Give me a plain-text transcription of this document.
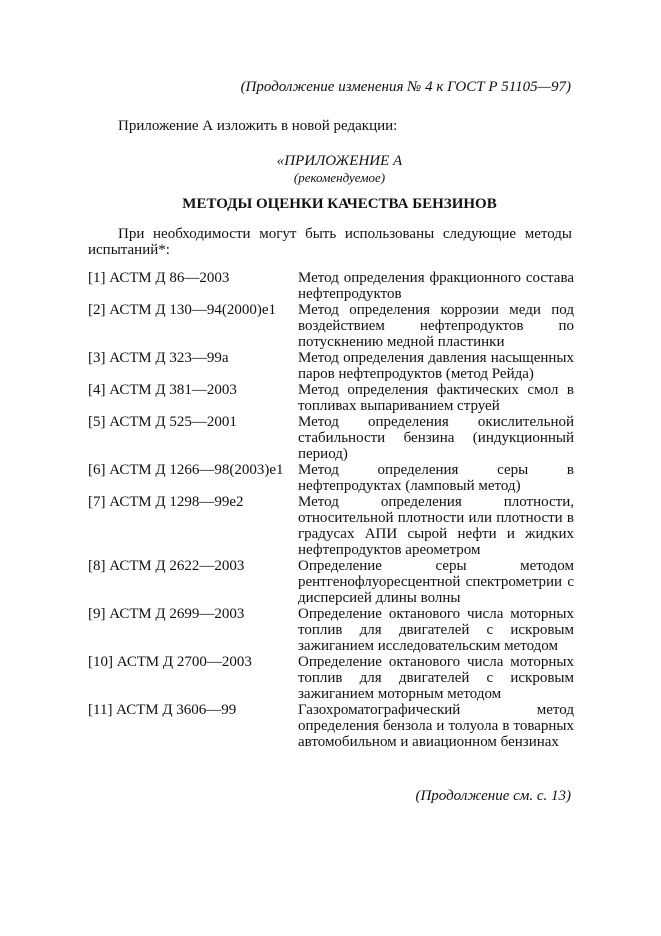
(Продолжение изменения № 4 к ГОСТ Р 51105—97)
Приложение А изложить в новой редакции:
«ПРИЛОЖЕНИЕ А
(рекомендуемое)
МЕТОДЫ ОЦЕНКИ КАЧЕСТВА БЕНЗИНОВ
При необходимости могут быть использованы следующие методы испытаний*:
[1] АСТМ Д 86—2003	Метод определения фракционного состава нефтепродуктов
[2] АСТМ Д 130—94(2000)е1	Метод определения коррозии меди под воздействием нефтепродуктов по потускнению медной пластинки
[3] АСТМ Д 323—99а	Метод определения давления насыщенных паров нефтепродуктов (метод Рейда)
[4] АСТМ Д 381—2003	Метод определения фактических смол в топливах выпариванием струей
[5] АСТМ Д 525—2001	Метод определения окислительной стабильности бензина (индукционный период)
[6] АСТМ Д 1266—98(2003)е1 Метод определения серы в нефтепродуктах (ламповый метод)
[7] АСТМ Д 1298—99е2	Метод определения плотности, относительной плотности или плотности в градусах АПИ сырой нефти и жидких нефтепродуктов ареометром
[8] АСТМ Д 2622—2003	Определение серы методом рентгенофлуоресцентной спектрометрии с дисперсией длины волны
[9] АСТМ Д 2699—2003	Определение октанового числа моторных топлив для двигателей с искровым зажиганием исследовательским методом
[10] АСТМ Д 2700—2003	Определение октанового числа моторных топлив для двигателей с искровым зажиганием моторным методом
[11] АСТМ Д 3606—99	Газохроматографический метод определения бензола и толуола в товарных автомобильном и авиационном бензинах
(Продолжение см. с. 13)
